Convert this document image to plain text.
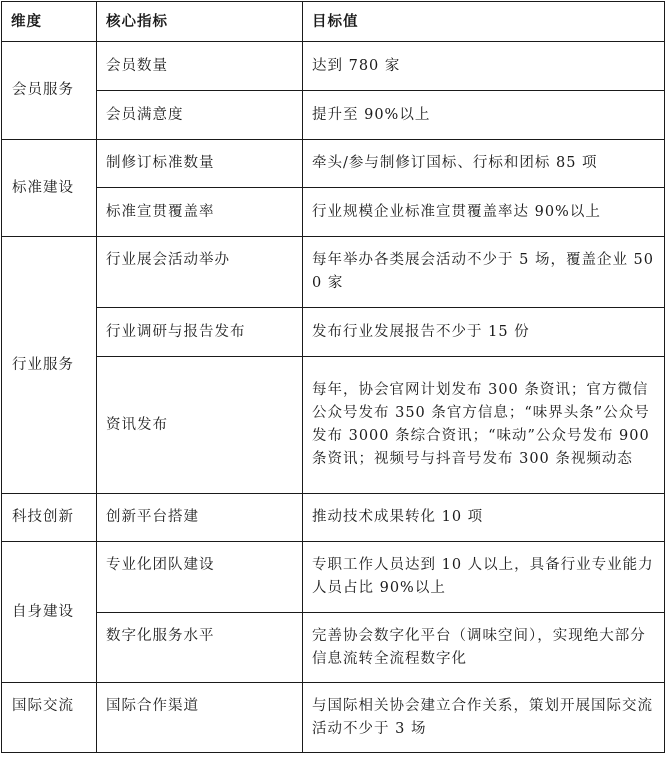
维度	核心指标	目标值
会员服务	会员数量	达到 780 家
	会员满意度	提升至 90%以上
标准建设	制修订标准数量	牵头/参与制修订国标、行标和团标 85 项
	标准宣贯覆盖率	行业规模企业标准宣贯覆盖率达 90%以上
行业服务	行业展会活动举办	每年举办各类展会活动不少于 5 场，覆盖企业 500 家
	行业调研与报告发布	发布行业发展报告不少于 15 份
	资讯发布	每年，协会官网计划发布 300 条资讯；官方微信公众号发布 350 条官方信息；“味界头条”公众号发布 3000 条综合资讯；“味动”公众号发布 900 条资讯；视频号与抖音号发布 300 条视频动态
科技创新	创新平台搭建	推动技术成果转化 10 项
自身建设	专业化团队建设	专职工作人员达到 10 人以上，具备行业专业能力人员占比 90%以上
	数字化服务水平	完善协会数字化平台（调味空间），实现绝大部分信息流转全流程数字化
国际交流	国际合作渠道	与国际相关协会建立合作关系，策划开展国际交流活动不少于 3 场
